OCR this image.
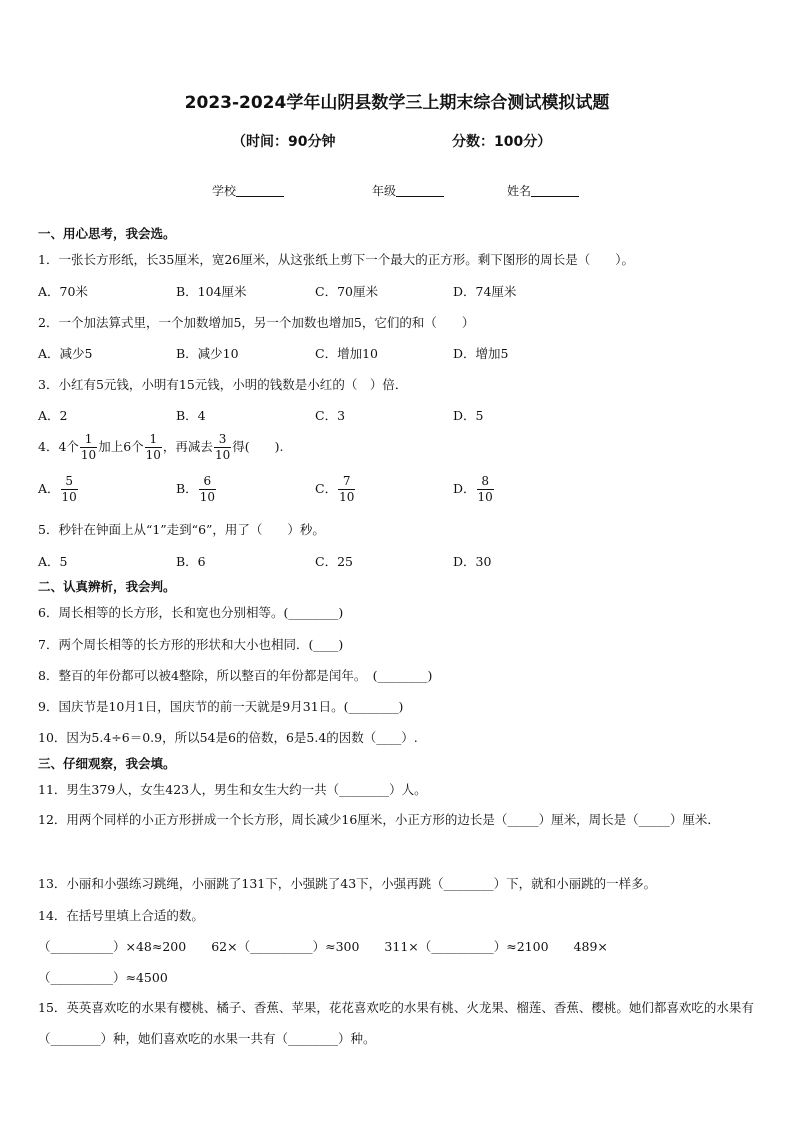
2023-2024学年山阴县数学三上期末综合测试模拟试题
（时间：90分钟	分数：100分）
学校	年级	姓名
一、用心思考，我会选。
1．一张长方形纸，长35厘米，宽26厘米，从这张纸上剪下一个最大的正方形。剩下图形的周长是（　　）。
A．70米	B．104厘米	C．70厘米	D．74厘米
2．一个加法算式里，一个加数增加5，另一个加数也增加5，它们的和（　　）
A．减少5	B．减少10	C．增加10	D．增加5
3．小红有5元钱，小明有15元钱，小明的钱数是小红的（　）倍．
A．2	B．4	C．3	D．5
4．4个 $\frac{1}{10}$ 加上6个 $\frac{1}{10}$ ，再减去 $\frac{3}{10}$ 得(　　).
A． $\frac{5}{10}$	B． $\frac{6}{10}$	C． $\frac{7}{10}$	D． $\frac{8}{10}$
5．秒针在钟面上从“1”走到“6”，用了（　　）秒。
A．5	B．6	C．25	D．30
二、认真辨析，我会判。
6．周长相等的长方形，长和宽也分别相等。(________)
7．两个周长相等的长方形的形状和大小也相同．(____)
8．整百的年份都可以被4整除，所以整百的年份都是闰年。　(________)
9．国庆节是10月1日，国庆节的前一天就是9月31日。(________)
10．因为5.4÷6＝0.9，所以54是6的倍数，6是5.4的因数（____）.
三、仔细观察，我会填。
11．男生379人，女生423人，男生和女生大约一共（________）人。
12．用两个同样的小正方形拼成一个长方形，周长减少16厘米，小正方形的边长是（_____）厘米，周长是（_____）厘米．
13．小丽和小强练习跳绳，小丽跳了131下，小强跳了43下，小强再跳（________）下，就和小丽跳的一样多。
14．在括号里填上合适的数。
（__________）×48≈200　　62×（__________）≈300　　311×（__________）≈2100　　489×
（__________）≈4500
15．英英喜欢吃的水果有樱桃、橘子、香蕉、苹果，花花喜欢吃的水果有桃、火龙果、榴莲、香蕉、樱桃。她们都喜欢吃的水果有（________）种，她们喜欢吃的水果一共有（________）种。
